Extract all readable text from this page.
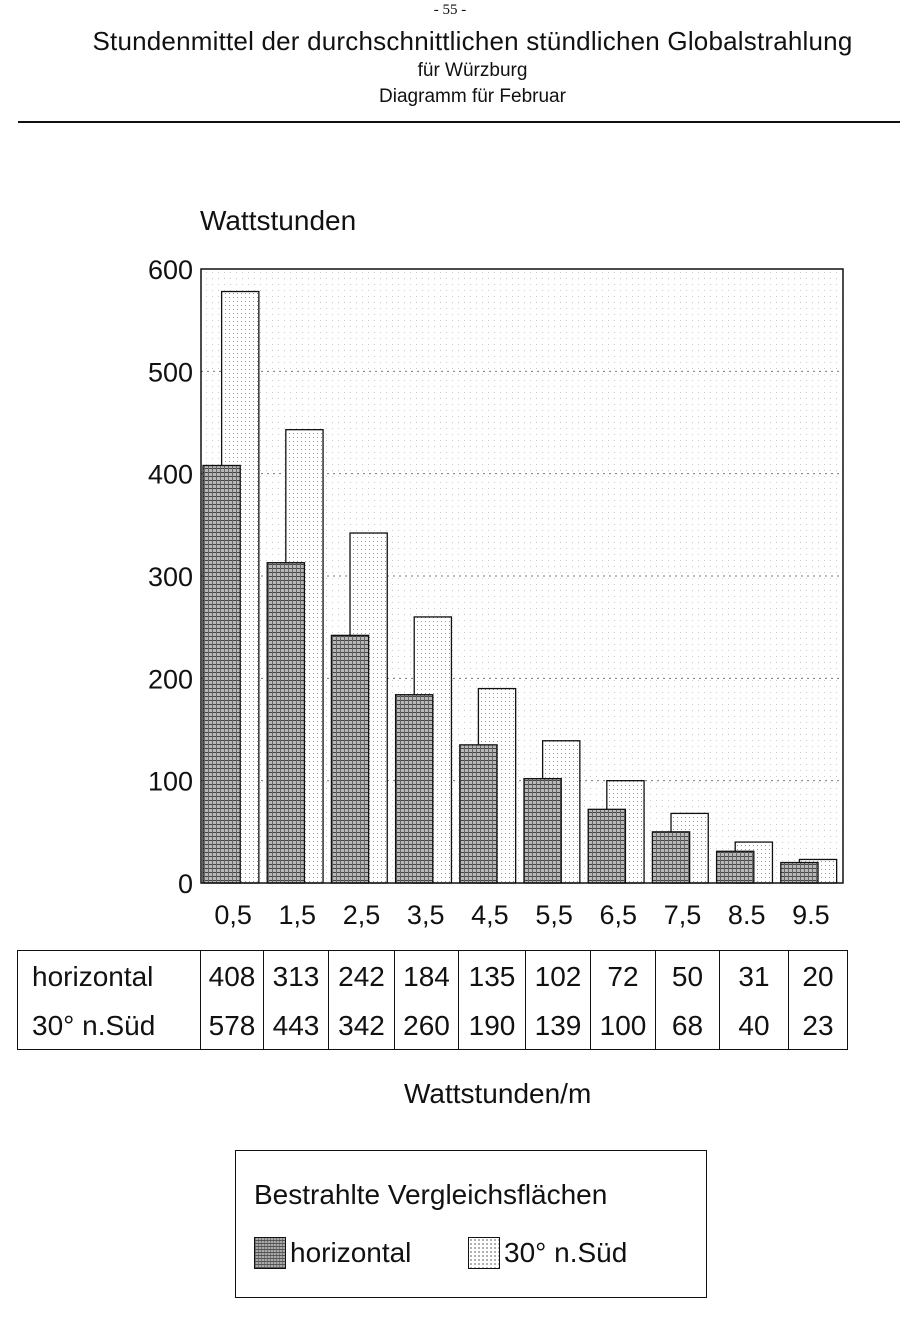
- 55 -
Stundenmittel der durchschnittlichen stündlichen Globalstrahlung
für Würzburg
Diagramm für Februar
Wattstunden
0
100
200
300
400
500
600
0,5 1,5 2,5 3,5 4,5 5,5 6,5 7,5 8.5 9.5
horizontal	408	313	242	184	135	102	72	50	31	20
30° n.Süd	578	443	342	260	190	139	100	68	40	23
Wattstunden/m
Bestrahlte Vergleichsflächen
horizontal	30° n.Süd
